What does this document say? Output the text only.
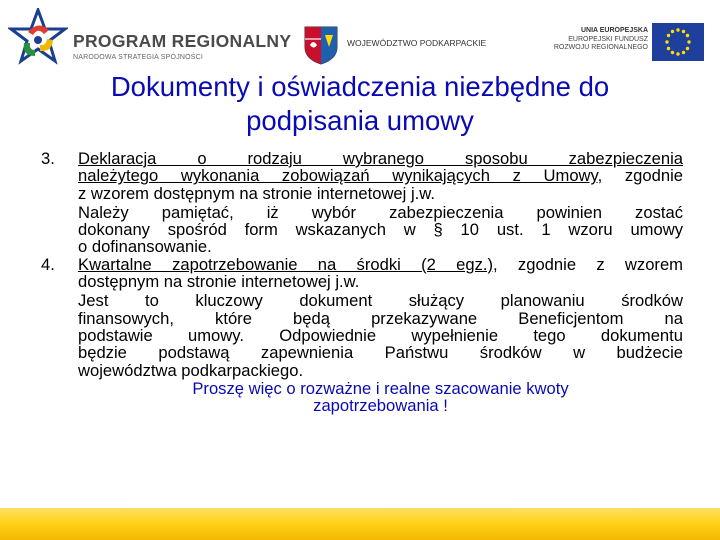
PROGRAM REGIONALNY
NARODOWA STRATEGIA SPÓJNOŚCI
WOJEWÓDZTWO PODKARPACKIE
UNIA EUROPEJSKA
EUROPEJSKI FUNDUSZ
ROZWOJU REGIONALNEGO
Dokumenty i oświadczenia niezbędne do
podpisania umowy
3. Deklaracja o rodzaju wybranego sposobu zabezpieczenia
należytego wykonania zobowiązań wynikających z Umowy, zgodnie
z wzorem dostępnym na stronie internetowej j.w.
Należy pamiętać, iż wybór zabezpieczenia powinien zostać
dokonany spośród form wskazanych w § 10 ust. 1 wzoru umowy
o dofinansowanie.
4. Kwartalne zapotrzebowanie na środki (2 egz.), zgodnie z wzorem
dostępnym na stronie internetowej j.w.
Jest to kluczowy dokument służący planowaniu środków
finansowych, które będą przekazywane Beneficjentom na
podstawie umowy. Odpowiednie wypełnienie tego dokumentu
będzie podstawą zapewnienia Państwu środków w budżecie
województwa podkarpackiego.
Proszę więc o rozważne i realne szacowanie kwoty
zapotrzebowania !
